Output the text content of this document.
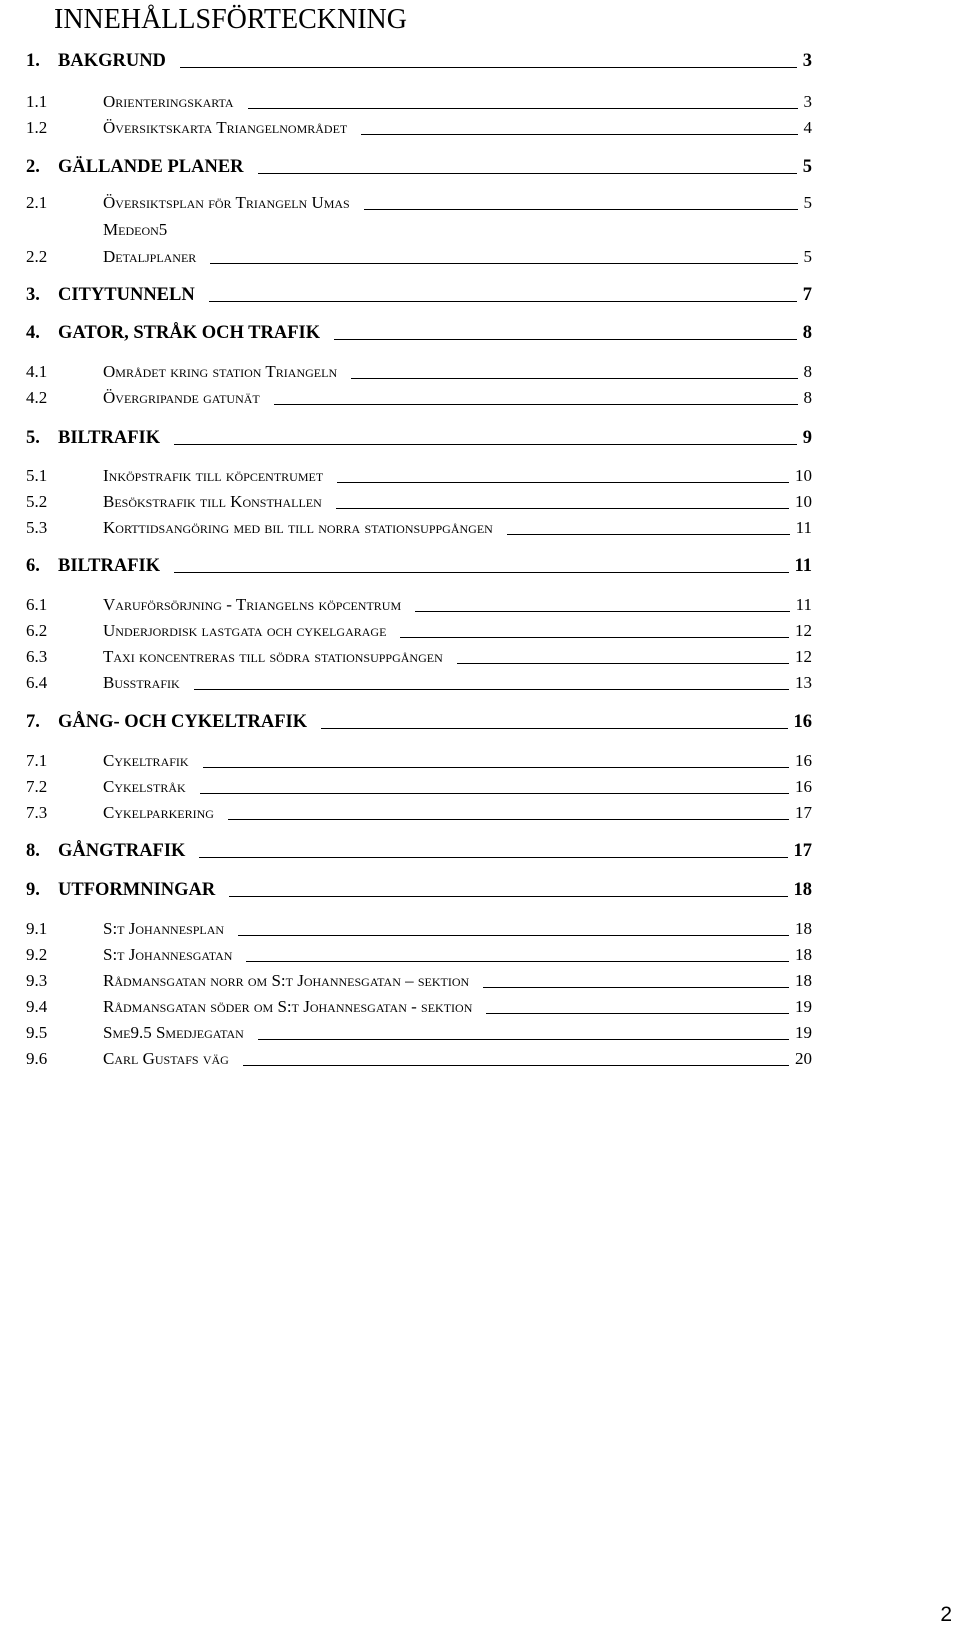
INNEHÅLLSFÖRTECKNING
1. BAKGRUND	3
1.1	Orienteringskarta	3
1.2	Översiktskarta Triangelnområdet	4
2. GÄLLANDE PLANER	5
2.1	Översiktsplan för Triangeln Umas	5
Medeon5
2.2	Detaljplaner	5
3. CITYTUNNELN	7
4. GATOR, STRÅK OCH TRAFIK	8
4.1	Området kring station Triangeln	8
4.2	Övergripande gatunät	8
5. BILTRAFIK	9
5.1	Inköpstrafik till köpcentrumet	10
5.2	Besökstrafik till Konsthallen	10
5.3	Korttidsangöring med bil till norra stationsuppgången	11
6. BILTRAFIK	11
6.1	Varuförsörjning - Triangelns köpcentrum	11
6.2	Underjordisk lastgata och cykelgarage	12
6.3	Taxi koncentreras till södra stationsuppgången	12
6.4	Busstrafik	13
7. GÅNG- OCH CYKELTRAFIK	16
7.1	Cykeltrafik	16
7.2	Cykelstråk	16
7.3	Cykelparkering	17
8. GÅNGTRAFIK	17
9. UTFORMNINGAR	18
9.1	S:t Johannesplan	18
9.2	S:t Johannesgatan	18
9.3	Rådmansgatan norr om S:t Johannesgatan – sektion	18
9.4	Rådmansgatan söder om S:t Johannesgatan - sektion	19
9.5	Sme9.5 Smedjegatan	19
9.6	Carl Gustafs väg	20
2
